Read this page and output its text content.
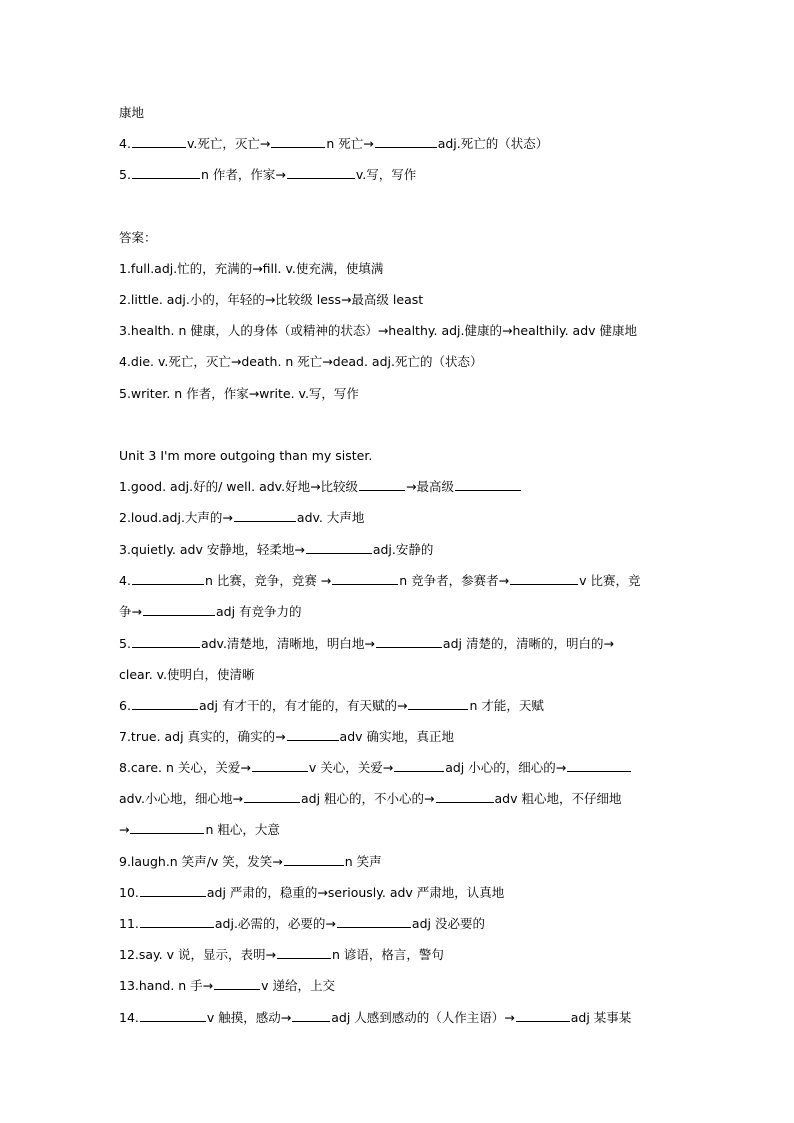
康地
4.	v.死亡，灭亡→	n 死亡→	adj.死亡的（状态）
5.	n 作者，作家→	v.写，写作
答案：
1.full.adj.忙的，充满的→fill. v.使充满，使填满
2.little. adj.小的，年轻的→比较级 less→最高级 least
3.health. n 健康，人的身体（或精神的状态）→healthy. adj.健康的→healthily. adv 健康地
4.die. v.死亡，灭亡→death. n 死亡→dead. adj.死亡的（状态）
5.writer. n 作者，作家→write. v.写，写作
Unit 3 I'm more outgoing than my sister.
1.good. adj.好的/ well. adv.好地→比较级	→最高级
2.loud.adj.大声的→	adv. 大声地
3.quietly. adv 安静地，轻柔地→	adj.安静的
4.	n 比赛，竞争，竞赛 →	n 竞争者，参赛者→	v 比赛，竞
争→	adj 有竞争力的
5.	adv.清楚地，清晰地，明白地→	adj 清楚的，清晰的，明白的→
clear. v.使明白，使清晰
6.	adj 有才干的，有才能的，有天赋的→	n 才能，天赋
7.true. adj 真实的，确实的→	adv 确实地，真正地
8.care. n 关心，关爱→	v 关心，关爱→	adj 小心的，细心的→
adv.小心地，细心地→	adj 粗心的，不小心的→	adv 粗心地，不仔细地
→	n 粗心，大意
9.laugh.n 笑声/v 笑，发笑→	n 笑声
10.	adj 严肃的，稳重的→seriously. adv 严肃地，认真地
11.	adj.必需的，必要的→	adj 没必要的
12.say. v 说，显示，表明→	n 谚语，格言，警句
13.hand. n 手→	v 递给，上交
14.	v 触摸，感动→	adj 人感到感动的（人作主语）→	adj 某事某
